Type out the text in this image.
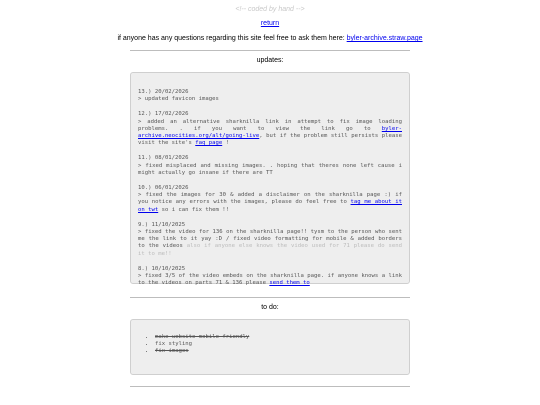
<!-- coded by hand -->
return
if anyone has any questions regarding this site feel free to ask them here: byler-archive.straw.page
updates:
13.) 20/02/2026
> updated favicon images
12.) 17/02/2026
> added an alternative sharknilla link in attempt to fix image loading problems. . if you want to view the link go to byler-archive.neocities.org/alt/going-live, but if the problem still persists please visit the site's faq page !
11.) 08/01/2026
> fixed misplaced and missing images. . hoping that theres none left cause i might actually go insane if there are TT
10.) 06/01/2026
> fixed the images for 30 & added a disclaimer on the sharknilla page :) if you notice any errors with the images, please do feel free to tag me about it on twt so i can fix them !!
9.) 11/10/2025
> fixed the video for 136 on the sharknilla page!! tysm to the person who sent me the link to it yay :D / fixed video formatting for mobile & added borders to the videos also if anyone else knows the video used for 71 please do send it to me!!
8.) 10/10/2025
> fixed 3/5 of the video embeds on the sharknilla page. if anyone knows a link to the videos on parts 71 & 136 please send them to
to do:
• make website mobile friendly
• fix styling
• fix images
